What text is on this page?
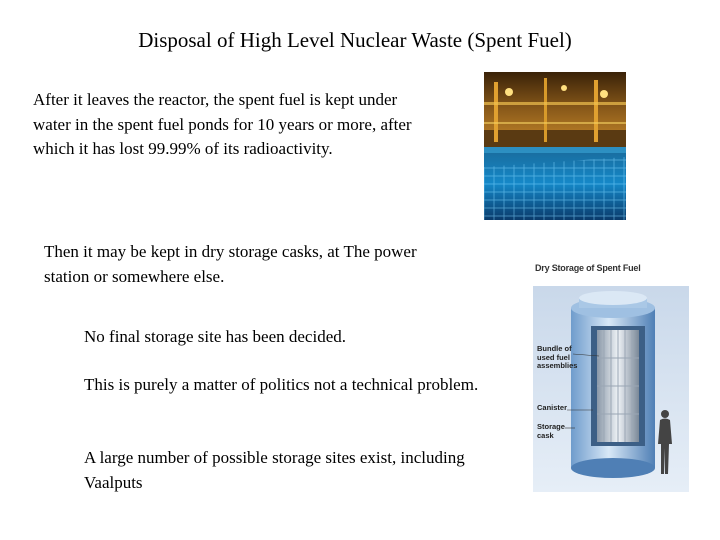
Disposal of High Level Nuclear Waste (Spent Fuel)
After it leaves the reactor, the spent fuel is kept under water in the spent fuel ponds for 10 years or more, after which it has lost 99.99% of its radioactivity.
Then it may be kept in dry storage casks, at The power station or somewhere else.
No final storage site has been decided.
This is purely a matter of politics not a technical problem.
A large number of possible storage sites exist, including Vaalputs
Dry Storage of Spent Fuel
Bundle of used fuel assemblies
Canister
Storage cask
